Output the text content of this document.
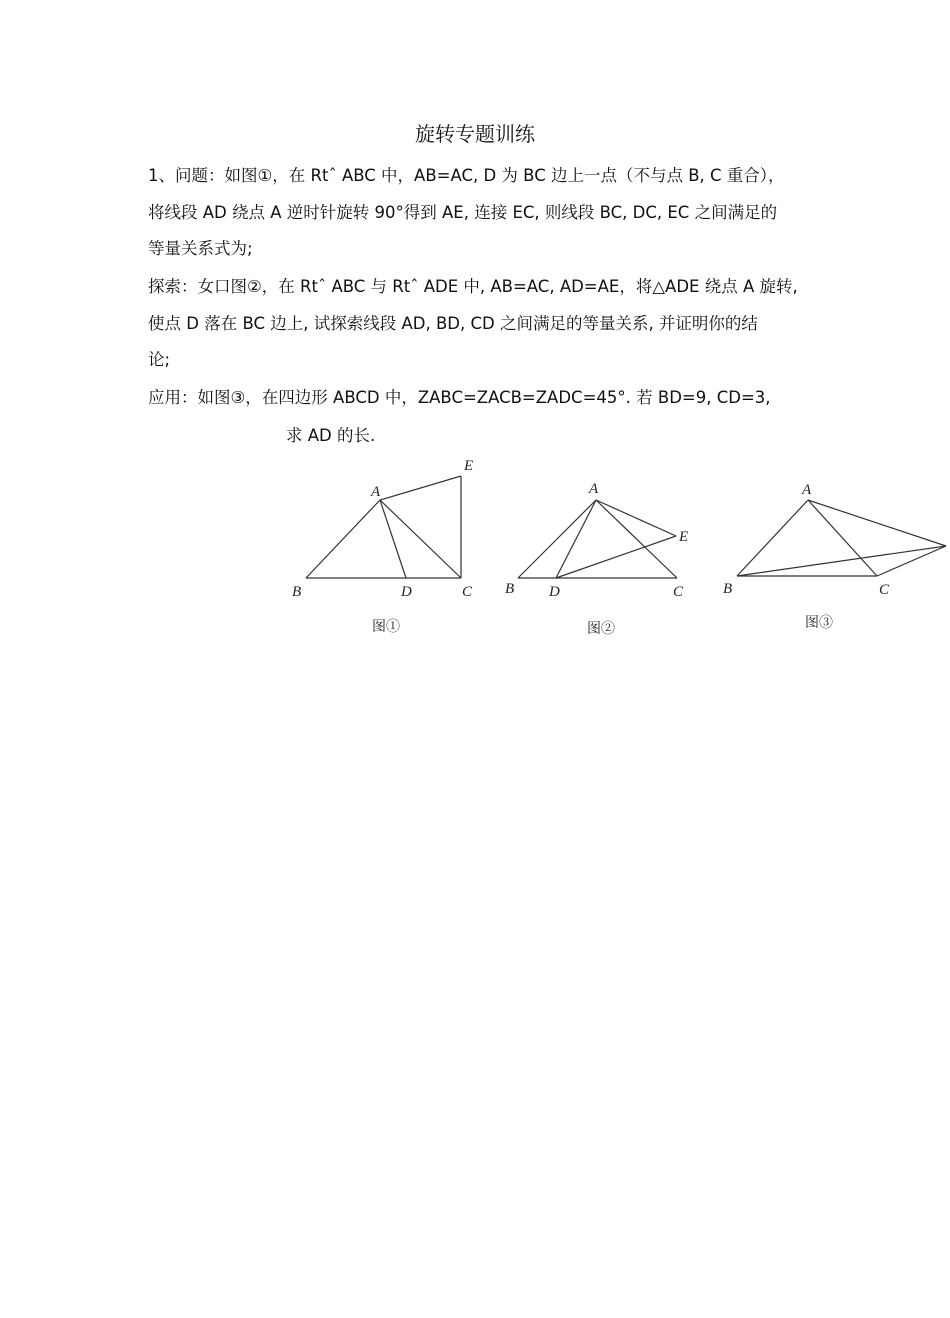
旋转专题训练
1、问题：如图①，在 Rtˆ ABC 中，AB=AC, D 为 BC 边上一点（不与点 B, C 重合），
将线段 AD 绕点 A 逆时针旋转 90°得到 AE, 连接 EC, 则线段 BC, DC, EC 之间满足的
等量关系式为;
探索：女口图②，在 Rtˆ ABC 与 Rtˆ ADE 中, AB=AC, AD=AE，将△ADE 绕点 A 旋转,
使点 D 落在 BC 边上, 试探索线段 AD, BD, CD 之间满足的等量关系, 并证明你的结
论;
应用：如图③，在四边形 ABCD 中，ZABC=ZACB=ZADC=45°. 若 BD=9, CD=3,
求 AD 的长.
A
B	D	C
E
图①
A
B D	C
E
图②
A
B	C
图③
